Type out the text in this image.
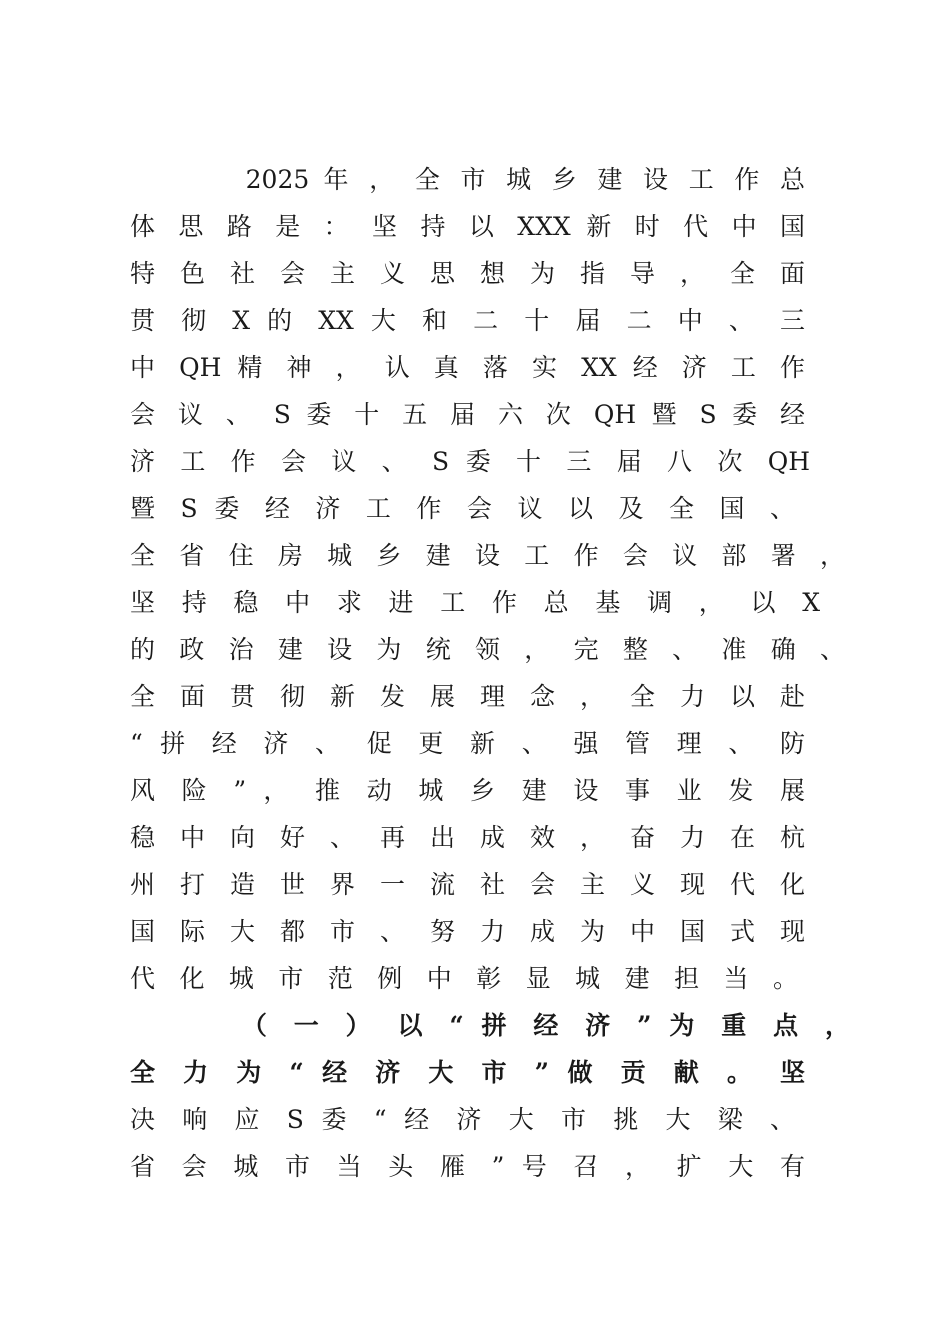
　 2025 年 ， 全 市 城 乡 建 设 工 作 总
体 思 路 是 ： 坚 持 以 XXX 新 时 代 中 国
特 色 社 会 主 义 思 想 为 指 导 ， 全 面
贯 彻 X 的 XX 大 和 二 十 届 二 中 、 三
中 QH 精 神 ， 认 真 落 实 XX 经 济 工 作
会 议 、 S 委 十 五 届 六 次 QH 暨 S 委 经
济 工 作 会 议 、 S 委 十 三 届 八 次 QH
暨 S 委 经 济 工 作 会 议 以 及 全 国 、
全 省 住 房 城 乡 建 设 工 作 会 议 部 署 ，
坚 持 稳 中 求 进 工 作 总 基 调 ， 以 X
的 政 治 建 设 为 统 领 ， 完 整 、 准 确 、
全 面 贯 彻 新 发 展 理 念 ， 全 力 以 赴
“ 拼 经 济 、 促 更 新 、 强 管 理 、 防
风 险 ” ， 推 动 城 乡 建 设 事 业 发 展
稳 中 向 好 、 再 出 成 效 ， 奋 力 在 杭
州 打 造 世 界 一 流 社 会 主 义 现 代 化
国 际 大 都 市 、 努 力 成 为 中 国 式 现
代 化 城 市 范 例 中 彰 显 城 建 担 当 。
　 （ 一 ） 以 “ 拼 经 济 ” 为 重 点 ，
全 力 为 “ 经 济 大 市 ” 做 贡 献 。 坚
决 响 应 S 委 “ 经 济 大 市 挑 大 梁 、
省 会 城 市 当 头 雁 ” 号 召 ， 扩 大 有
